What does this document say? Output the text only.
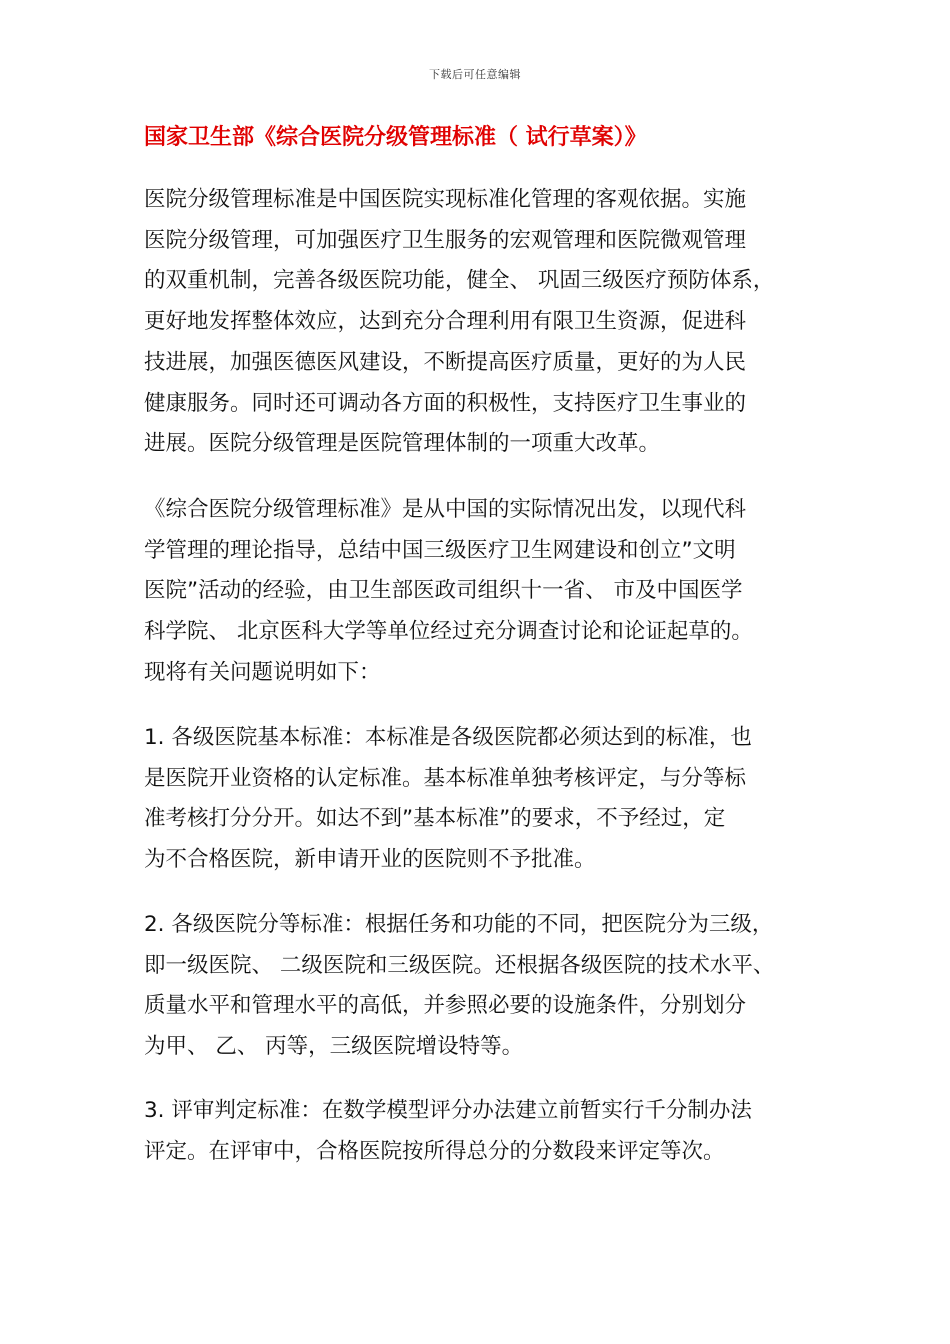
下载后可任意编辑
国家卫生部《综合医院分级管理标准（ 试行草案）》
医院分级管理标准是中国医院实现标准化管理的客观依据。实施
医院分级管理，可加强医疗卫生服务的宏观管理和医院微观管理
的双重机制，完善各级医院功能，健全、 巩固三级医疗预防体系，
更好地发挥整体效应，达到充分合理利用有限卫生资源，促进科
技进展，加强医德医风建设，不断提高医疗质量，更好的为人民
健康服务。同时还可调动各方面的积极性，支持医疗卫生事业的
进展。医院分级管理是医院管理体制的一项重大改革。
《综合医院分级管理标准》是从中国的实际情况出发，以现代科
学管理的理论指导，总结中国三级医疗卫生网建设和创立”文明
医院”活动的经验，由卫生部医政司组织十一省、 市及中国医学
科学院、 北京医科大学等单位经过充分调查讨论和论证起草的。
现将有关问题说明如下：
1. 各级医院基本标准：本标准是各级医院都必须达到的标准，也
是医院开业资格的认定标准。基本标准单独考核评定，与分等标
准考核打分分开。如达不到”基本标准”的要求，不予经过，定
为不合格医院，新申请开业的医院则不予批准。
2. 各级医院分等标准：根据任务和功能的不同，把医院分为三级，
即一级医院、 二级医院和三级医院。还根据各级医院的技术水平、
质量水平和管理水平的高低，并参照必要的设施条件，分别划分
为甲、 乙、 丙等，三级医院增设特等。
3. 评审判定标准：在数学模型评分办法建立前暂实行千分制办法
评定。在评审中，合格医院按所得总分的分数段来评定等次。
